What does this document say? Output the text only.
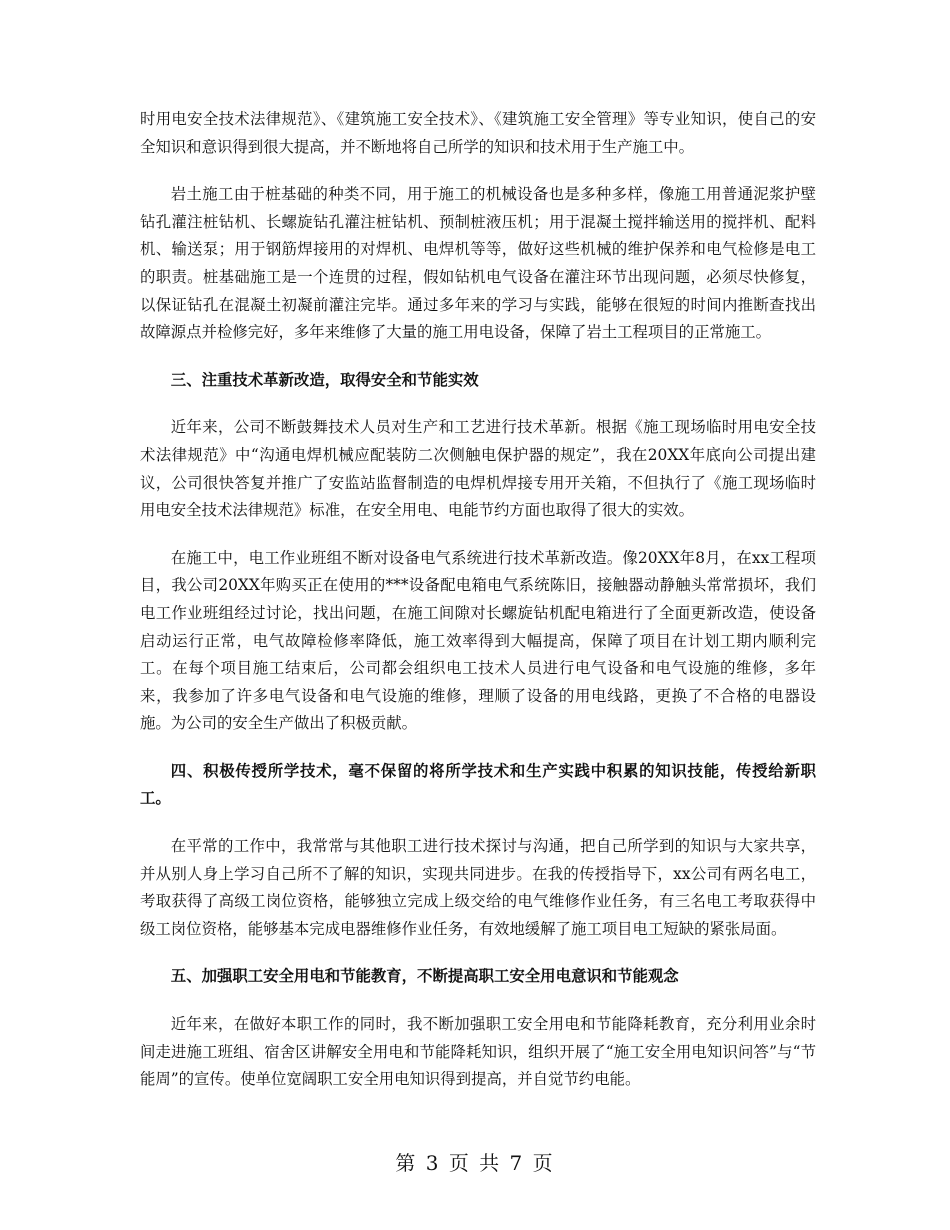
时用电安全技术法律规范》、《建筑施工安全技术》、《建筑施工安全管理》等专业知识，使自己的安全知识和意识得到很大提高，并不断地将自己所学的知识和技术用于生产施工中。

岩土施工由于桩基础的种类不同，用于施工的机械设备也是多种多样，像施工用普通泥浆护壁钻孔灌注桩钻机、长螺旋钻孔灌注桩钻机、预制桩液压机；用于混凝土搅拌输送用的搅拌机、配料机、输送泵；用于钢筋焊接用的对焊机、电焊机等等，做好这些机械的维护保养和电气检修是电工的职责。桩基础施工是一个连贯的过程，假如钻机电气设备在灌注环节出现问题，必须尽快修复，以保证钻孔在混凝土初凝前灌注完毕。通过多年来的学习与实践，能够在很短的时间内推断查找出故障源点并检修完好，多年来维修了大量的施工用电设备，保障了岩土工程项目的正常施工。

三、注重技术革新改造，取得安全和节能实效

近年来，公司不断鼓舞技术人员对生产和工艺进行技术革新。根据《施工现场临时用电安全技术法律规范》中“沟通电焊机械应配装防二次侧触电保护器的规定”，我在20XX年底向公司提出建议，公司很快答复并推广了安监站监督制造的电焊机焊接专用开关箱，不但执行了《施工现场临时用电安全技术法律规范》标准，在安全用电、电能节约方面也取得了很大的实效。

在施工中，电工作业班组不断对设备电气系统进行技术革新改造。像20XX年8月，在xx工程项目，我公司20XX年购买正在使用的***设备配电箱电气系统陈旧，接触器动静触头常常损坏，我们电工作业班组经过讨论，找出问题，在施工间隙对长螺旋钻机配电箱进行了全面更新改造，使设备启动运行正常，电气故障检修率降低，施工效率得到大幅提高，保障了项目在计划工期内顺利完工。在每个项目施工结束后，公司都会组织电工技术人员进行电气设备和电气设施的维修，多年来，我参加了许多电气设备和电气设施的维修，理顺了设备的用电线路，更换了不合格的电器设施。为公司的安全生产做出了积极贡献。

四、积极传授所学技术，毫不保留的将所学技术和生产实践中积累的知识技能，传授给新职工。

在平常的工作中，我常常与其他职工进行技术探讨与沟通，把自己所学到的知识与大家共享，并从别人身上学习自己所不了解的知识，实现共同进步。在我的传授指导下，xx公司有两名电工，考取获得了高级工岗位资格，能够独立完成上级交给的电气维修作业任务，有三名电工考取获得中级工岗位资格，能够基本完成电器维修作业任务，有效地缓解了施工项目电工短缺的紧张局面。

五、加强职工安全用电和节能教育，不断提高职工安全用电意识和节能观念

近年来，在做好本职工作的同时，我不断加强职工安全用电和节能降耗教育，充分利用业余时间走进施工班组、宿舍区讲解安全用电和节能降耗知识，组织开展了“施工安全用电知识问答”与“节能周”的宣传。使单位宽阔职工安全用电知识得到提高，并自觉节约电能。

第 3 页 共 7 页
